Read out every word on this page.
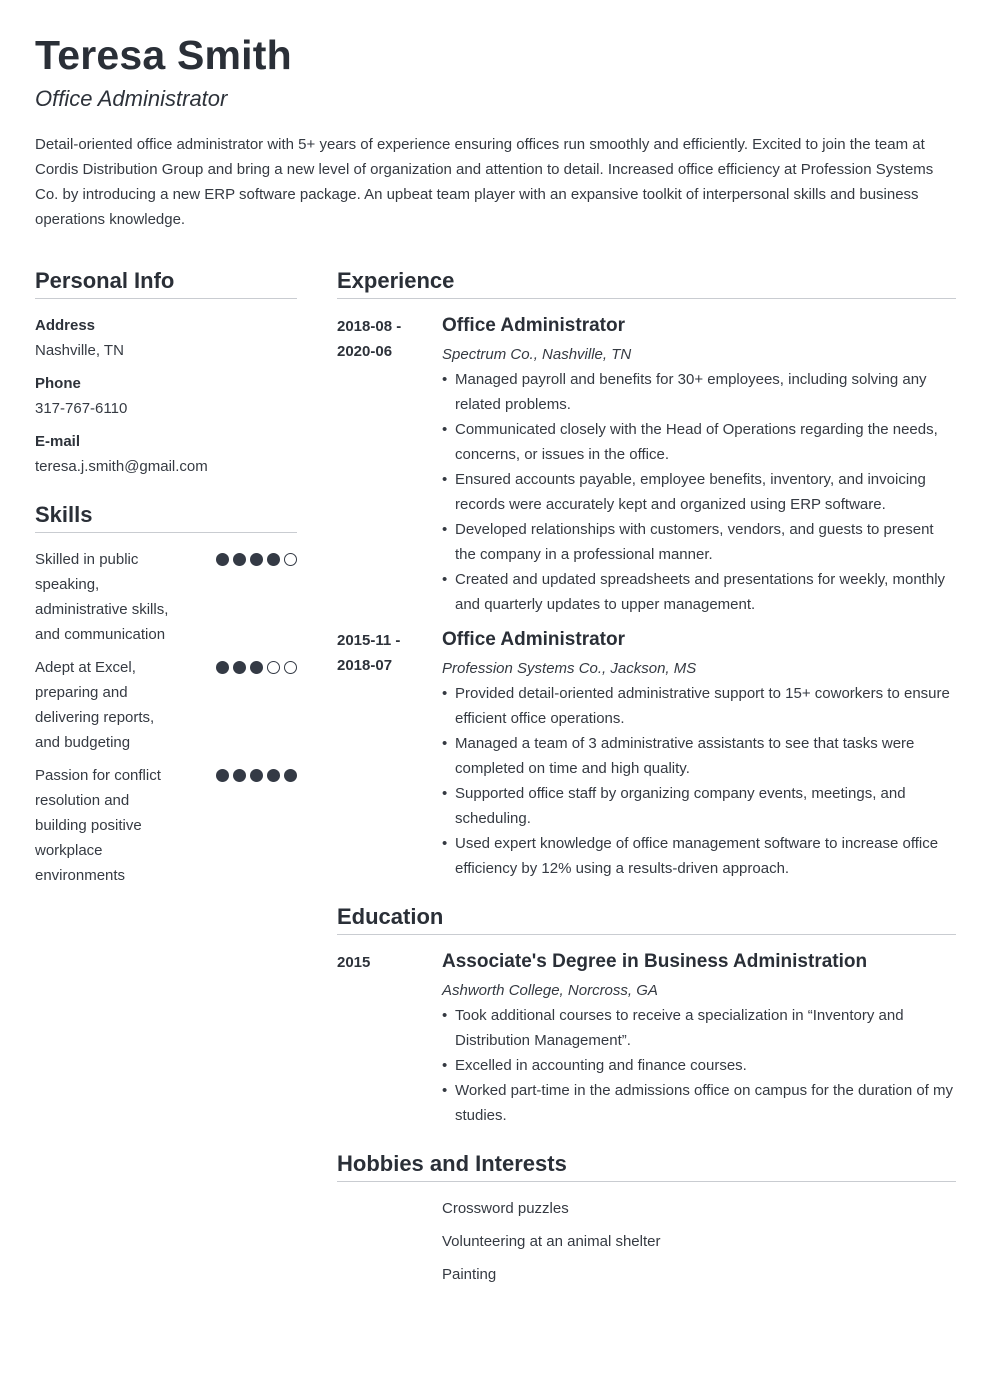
Teresa Smith
Office Administrator

Detail-oriented office administrator with 5+ years of experience ensuring offices run smoothly and efficiently. Excited to join the team at Cordis Distribution Group and bring a new level of organization and attention to detail. Increased office efficiency at Profession Systems Co. by introducing a new ERP software package. An upbeat team player with an expansive toolkit of interpersonal skills and business operations knowledge.

Personal Info
Address
Nashville, TN
Phone
317-767-6110
E-mail
teresa.j.smith@gmail.com
Skills
Skilled in public speaking, administrative skills, and communication
Adept at Excel, preparing and delivering reports, and budgeting
Passion for conflict resolution and building positive workplace environments
Experience
2018-08 -
2020-06
Office Administrator
Spectrum Co., Nashville, TN
• Managed payroll and benefits for 30+ employees, including solving any related problems.
• Communicated closely with the Head of Operations regarding the needs, concerns, or issues in the office.
• Ensured accounts payable, employee benefits, inventory, and invoicing records were accurately kept and organized using ERP software.
• Developed relationships with customers, vendors, and guests to present the company in a professional manner.
• Created and updated spreadsheets and presentations for weekly, monthly and quarterly updates to upper management.
2015-11 -
2018-07
Office Administrator
Profession Systems Co., Jackson, MS
• Provided detail-oriented administrative support to 15+ coworkers to ensure efficient office operations.
• Managed a team of 3 administrative assistants to see that tasks were completed on time and high quality.
• Supported office staff by organizing company events, meetings, and scheduling.
• Used expert knowledge of office management software to increase office efficiency by 12% using a results-driven approach.
Education
2015	Associate's Degree in Business Administration
Ashworth College, Norcross, GA
• Took additional courses to receive a specialization in “Inventory and Distribution Management”.
• Excelled in accounting and finance courses.
• Worked part-time in the admissions office on campus for the duration of my studies.
Hobbies and Interests
Crossword puzzles
Volunteering at an animal shelter
Painting
